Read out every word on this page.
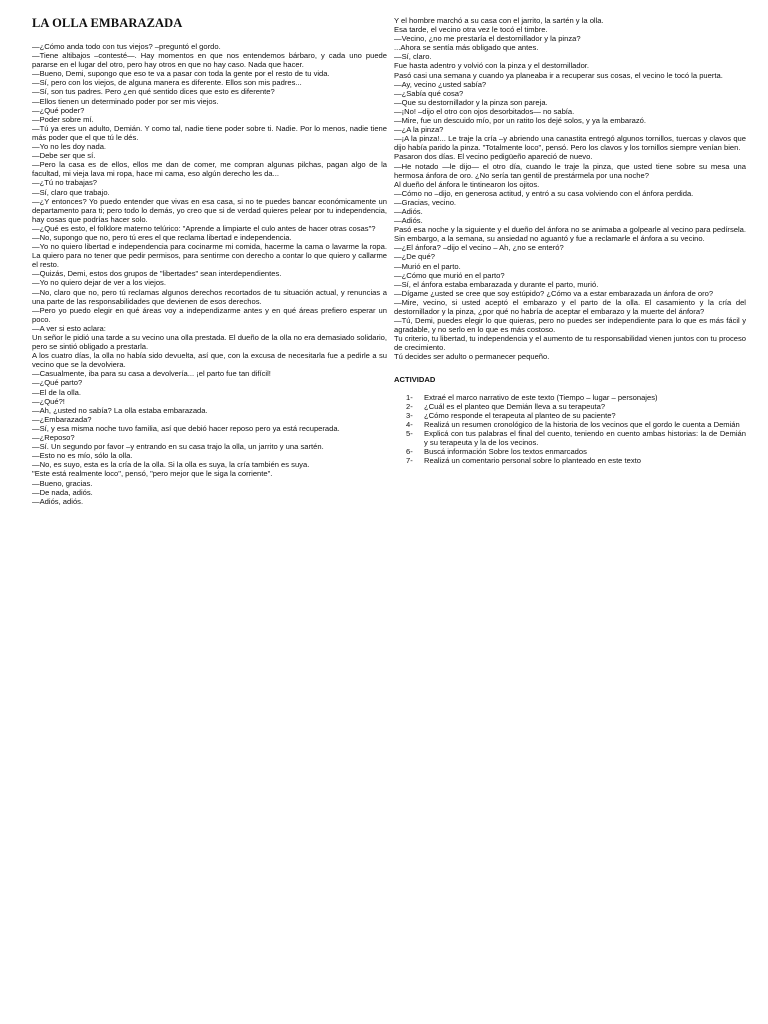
LA OLLA EMBARAZADA

—¿Cómo anda todo con tus viejos? –preguntó el gordo.

—Tiene altibajos –contesté—. Hay momentos en que nos entendemos bárbaro, y cada uno puede pararse en el lugar del otro, pero hay otros en que no hay caso. Nada que hacer.

—Bueno, Demi, supongo que eso te va a pasar con toda la gente por el resto de tu vida.

—Sí, pero con los viejos, de alguna manera es diferente. Ellos son mis padres...

—Sí, son tus padres. Pero ¿en qué sentido dices que esto es diferente?

—Ellos tienen un determinado poder por ser mis viejos.

—¿Qué poder?

—Poder sobre mí.

—Tú ya eres un adulto, Demián. Y como tal, nadie tiene poder sobre ti. Nadie. Por lo menos, nadie tiene más poder que el que tú le dés.

—Yo no les doy nada.

—Debe ser que sí.

—Pero la casa es de ellos, ellos me dan de comer, me compran algunas pilchas, pagan algo de la facultad, mi vieja lava mi ropa, hace mi cama, eso algún derecho les da...

—¿Tú no trabajas?

—Sí, claro que trabajo.

—¿Y entonces? Yo puedo entender que vivas en esa casa, si no te puedes bancar económicamente un departamento para ti; pero todo lo demás, yo creo que si de verdad quieres pelear por tu independencia, hay cosas que podrías hacer solo.

—¿Qué es esto, el folklore materno telúrico: "Aprende a limpiarte el culo antes de hacer otras cosas"?

—No, supongo que no, pero tú eres el que reclama libertad e independencia.

—Yo no quiero libertad e independencia para cocinarme mi comida, hacerme la cama o lavarme la ropa. La quiero para no tener que pedir permisos, para sentirme con derecho a contar lo que quiero y callarme el resto.

—Quizás, Demi, estos dos grupos de "libertades" sean interdependientes.

—Yo no quiero dejar de ver a los viejos.

—No, claro que no, pero tú reclamas algunos derechos recortados de tu situación actual, y renuncias a una parte de las responsabilidades que devienen de esos derechos.

—Pero yo puedo elegir en qué áreas voy a independizarme antes y en qué áreas prefiero esperar un poco.

—A ver si esto aclara:

Un señor le pidió una tarde a su vecino una olla prestada. El dueño de la olla no era demasiado solidario, pero se sintió obligado a prestarla.

A los cuatro días, la olla no había sido devuelta, así que, con la excusa de necesitarla fue a pedirle a su vecino que se la devolviera.

—Casualmente, iba para su casa a devolvería... ¡el parto fue tan difícil!

—¿Qué parto?

—El de la olla.

—¿Qué?!

—Ah, ¿usted no sabía? La olla estaba embarazada.

—¿Embarazada?

—Sí, y esa misma noche tuvo familia, así que debió hacer reposo pero ya está recuperada.

—¿Reposo?

—Sí. Un segundo por favor –y entrando en su casa trajo la olla, un jarrito y una sartén.

—Esto no es mío, sólo la olla.

—No, es suyo, esta es la cría de la olla. Si la olla es suya, la cría también es suya.

"Este está realmente loco", pensó, "pero mejor que le siga la corriente".

—Bueno, gracias.

—De nada, adiós.

—Adiós, adiós.

Y el hombre marchó a su casa con el jarrito, la sartén y la olla.

Esa tarde, el vecino otra vez le tocó el timbre.

—Vecino, ¿no me prestaría el destornillador y la pinza?

...Ahora se sentía más obligado que antes.

—Sí, claro.

Fue hasta adentro y volvió con la pinza y el destornillador.

Pasó casi una semana y cuando ya planeaba ir a recuperar sus cosas, el vecino le tocó la puerta.

—Ay, vecino ¿usted sabía?

—¿Sabía qué cosa?

—Que su destornillador y la pinza son pareja.

—¡No! –dijo el otro con ojos desorbitados— no sabía.

—Mire, fue un descuido mío, por un ratito los dejé solos, y ya la embarazó.

—¿A la pinza?

—¡A la pinza!... Le traje la cría –y abriendo una canastita entregó algunos tornillos, tuercas y clavos que dijo había parido la pinza. "Totalmente loco", pensó. Pero los clavos y los tornillos siempre venían bien.

Pasaron dos días. El vecino pedigüeño apareció de nuevo.

—He notado —le dijo— el otro día, cuando le traje la pinza, que usted tiene sobre su mesa una hermosa ánfora de oro. ¿No sería tan gentil de prestármela por una noche?

Al dueño del ánfora le tintinearon los ojitos.

—Cómo no –dijo, en generosa actitud, y entró a su casa volviendo con el ánfora perdida.

—Gracias, vecino.

—Adiós.

—Adiós.

Pasó esa noche y la siguiente y el dueño del ánfora no se animaba a golpearle al vecino para pedírsela. Sin embargo, a la semana, su ansiedad no aguantó y fue a reclamarle el ánfora a su vecino.

—¿El ánfora? –dijo el vecino – Ah, ¿no se enteró?

—¿De qué?

—Murió en el parto.

—¿Cómo que murió en el parto?

—Sí, el ánfora estaba embarazada y durante el parto, murió.

—Dígame ¿usted se cree que soy estúpido? ¿Cómo va a estar embarazada un ánfora de oro?

—Mire, vecino, si usted aceptó el embarazo y el parto de la olla. El casamiento y la cría del destornillador y la pinza, ¿por qué no habría de aceptar el embarazo y la muerte del ánfora?

—Tú, Demi, puedes elegir lo que quieras, pero no puedes ser independiente para lo que es más fácil y agradable, y no serlo en lo que es más costoso.

Tu criterio, tu libertad, tu independencia y el aumento de tu responsabilidad vienen juntos con tu proceso de crecimiento.

Tú decides ser adulto o permanecer pequeño.

ACTIVIDAD

1-	Extraé el marco narrativo de este texto (Tiempo – lugar – personajes)
2-	¿Cuál es el planteo que Demián lleva a su terapeuta?
3-	¿Cómo responde el terapeuta al planteo de su paciente?
4-	Realizá un resumen cronológico de la historia de los vecinos que el gordo le cuenta a Demián
5-	Explicá con tus palabras el final del cuento, teniendo en cuento ambas historias: la de Demián y su terapeuta y la de los vecinos.
6-	Buscá información Sobre los textos enmarcados
7-	Realizá un comentario personal sobre lo planteado en este texto
